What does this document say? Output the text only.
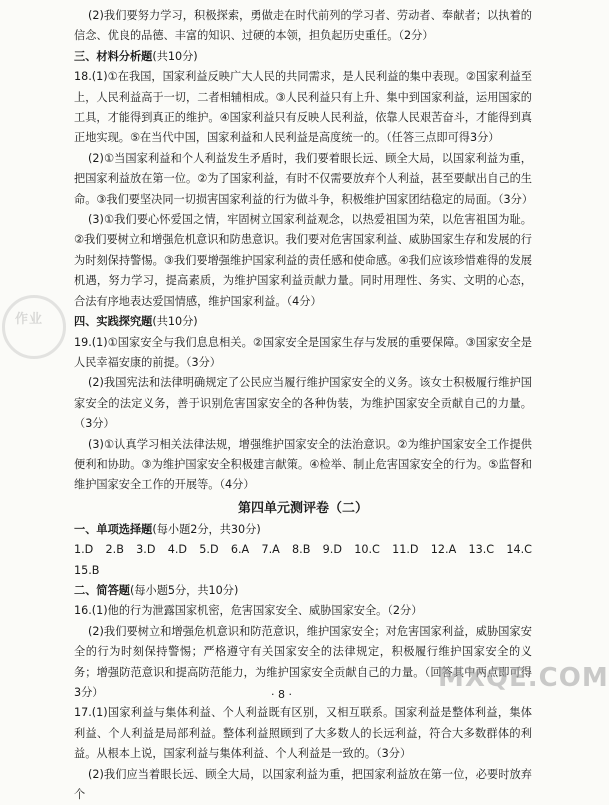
作业

(2)我们要努力学习，积极探索，勇做走在时代前列的学习者、劳动者、奉献者；以执着的信念、优良的品德、丰富的知识、过硬的本领，担负起历史重任。（2分）

三、材料分析题(共10分)

18.(1)①在我国，国家利益反映广大人民的共同需求，是人民利益的集中表现。②国家利益至上，人民利益高于一切，二者相辅相成。③人民利益只有上升、集中到国家利益，运用国家的工具，才能得到真正的维护。④国家利益只有反映人民利益，依靠人民艰苦奋斗，才能得到真正地实现。⑤在当代中国，国家利益和人民利益是高度统一的。（任答三点即可得3分）

(2)①当国家利益和个人利益发生矛盾时，我们要着眼长远、顾全大局，以国家利益为重，把国家利益放在第一位。②为了国家利益，有时不仅需要放弃个人利益，甚至要献出自己的生命。③我们要坚决同一切损害国家利益的行为做斗争，积极维护国家团结稳定的局面。（3分）

(3)①我们要心怀爱国之情，牢固树立国家利益观念，以热爱祖国为荣，以危害祖国为耻。②我们要树立和增强危机意识和防患意识。我们要对危害国家利益、威胁国家生存和发展的行为时刻保持警惕。③我们要增强维护国家利益的责任感和使命感。④我们应该珍惜难得的发展机遇，努力学习，提高素质，为维护国家利益贡献力量。同时用理性、务实、文明的心态，合法有序地表达爱国情感，维护国家利益。（4分）

四、实践探究题(共10分)

19.(1)①国家安全与我们息息相关。②国家安全是国家生存与发展的重要保障。③国家安全是人民幸福安康的前提。（3分）

(2)我国宪法和法律明确规定了公民应当履行维护国家安全的义务。该女士积极履行维护国家安全的法定义务，善于识别危害国家安全的各种伪装，为维护国家安全贡献自己的力量。（3分）

(3)①认真学习相关法律法规，增强维护国家安全的法治意识。②为维护国家安全工作提供便利和协助。③为维护国家安全积极建言献策。④检举、制止危害国家安全的行为。⑤监督和维护国家安全工作的开展等。（4分）

第四单元测评卷（二）

一、单项选择题(每小题2分，共30分)

1.D　2.B　3.D　4.D　5.D　6.A　7.A　8.B　9.D　10.C　11.D　12.A　13.C　14.C　15.B

二、简答题(每小题5分，共10分)

16.(1)他的行为泄露国家机密，危害国家安全、威胁国家安全。（2分）

(2)我们要树立和增强危机意识和防范意识，维护国家安全；对危害国家利益，威胁国家安全的行为时刻保持警惕；严格遵守有关国家安全的法律规定，积极履行维护国家安全的义务；增强防范意识和提高防范能力，为维护国家安全贡献自己的力量。（回答其中两点即可得3分）

17.(1)国家利益与集体利益、个人利益既有区别，又相互联系。国家利益是整体利益，集体利益、个人利益是局部利益。整体利益照顾到了大多数人的长远利益，符合大多数群体的利益。从根本上说，国家利益与集体利益、个人利益是一致的。（3分）

(2)我们应当着眼长远、顾全大局，以国家利益为重，把国家利益放在第一位，必要时放弃个

· 8 ·
MXQE.COM
